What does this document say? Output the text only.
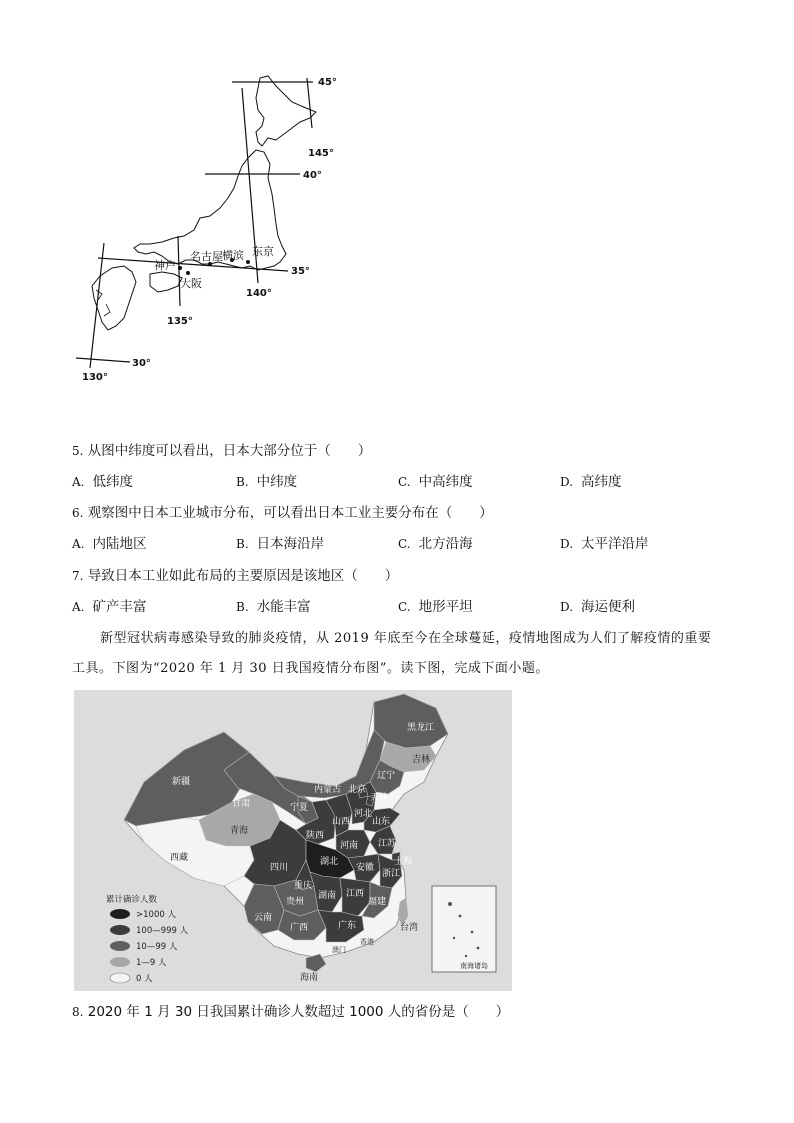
45°
40°
35°
30°
145°
140°
135°
130°
东京
横滨
名古屋
神户
大阪
5. 从图中纬度可以看出，日本大部分位于（　　）
A. 低纬度	B. 中纬度	C. 中高纬度	D. 高纬度
6. 观察图中日本工业城市分布，可以看出日本工业主要分布在（　　）
A. 内陆地区	B. 日本海沿岸	C. 北方沿海	D. 太平洋沿岸
7. 导致日本工业如此布局的主要原因是该地区（　　）
A. 矿产丰富	B. 水能丰富	C. 地形平坦	D. 海运便利
新型冠状病毒感染导致的肺炎疫情，从 2019 年底至今在全球蔓延，疫情地图成为人们了解疫情的重要
工具。下图为“2020 年 1 月 30 日我国疫情分布图”。读下图，完成下面小题。
南海诸岛
黑龙江
吉林
辽宁
内蒙古 北京
天津
河北
新疆
甘肃	宁夏
山西 山东
青海	陕西
河南 江苏
上海
西藏
四川
湖北
安徽
浙江
重庆
江西
湖南
贵州	福建
台湾
云南
广西	广东
香港
澳门
海南
累计确诊人数
>1000 人
100—999 人
10—99 人
1—9 人
0 人
8. 2020 年 1 月 30 日我国累计确诊人数超过 1000 人的省份是（　　）
